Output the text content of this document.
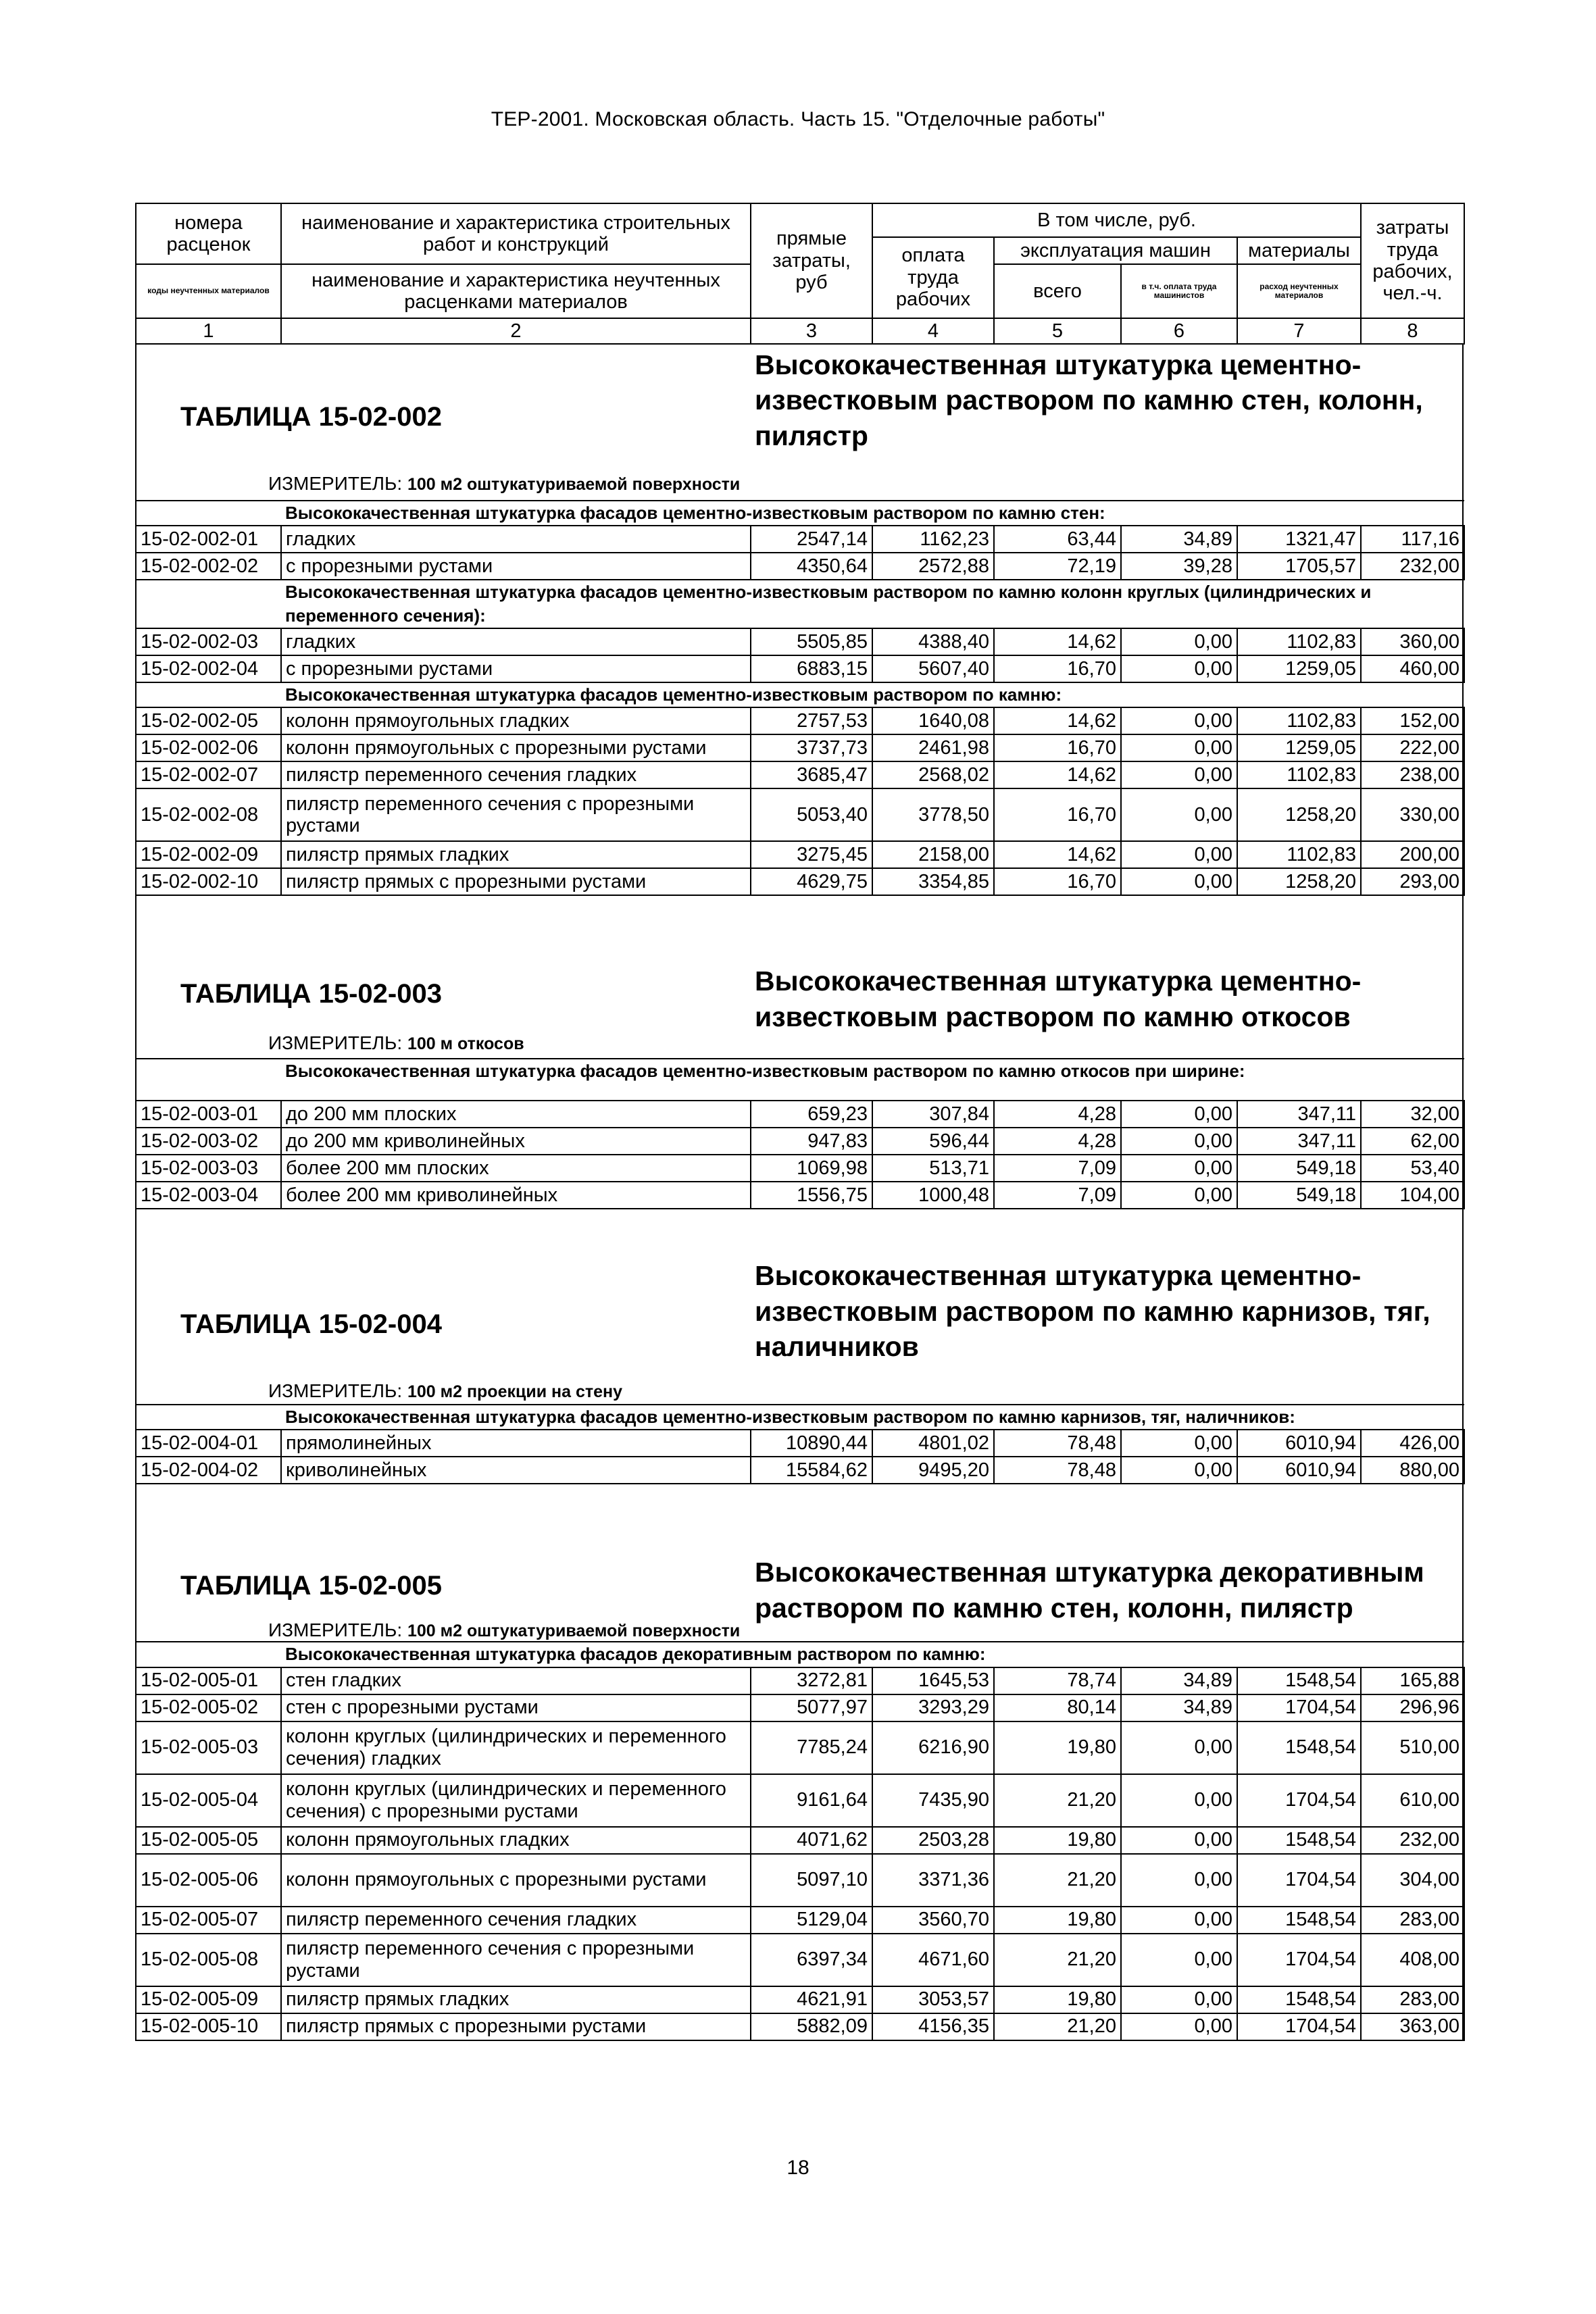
ТЕР-2001. Московская область. Часть 15. "Отделочные работы"
номера расценок	наименование и характеристика строительных работ и конструкций	прямые затраты, руб	В том числе, руб.				затраты труда рабочих, чел.-ч.
			оплата труда рабочих	эксплуатация машин		материалы	
коды неучтенных материалов	наименование и характеристика неучтенных расценками материалов			всего	в т.ч. оплата труда машинистов	расход неучтенных материалов	

1	2	3	4	5	6	7	8
ТАБЛИЦА 15-02-002
Высококачественная штукатурка цементно-известковым раствором по камню стен, колонн, пилястр
ИЗМЕРИТЕЛЬ: 100 м2 оштукатуриваемой поверхности
	Высококачественная штукатурка фасадов цементно-известковым раствором по камню стен:						
15-02-002-01	гладких	2547,14	1162,23	63,44	34,89	1321,47	117,16
15-02-002-02	с прорезными рустами	4350,64	2572,88	72,19	39,28	1705,57	232,00
	Высококачественная штукатурка фасадов цементно-известковым раствором по камню колонн круглых (цилиндрических и переменного сечения):						
15-02-002-03	гладких	5505,85	4388,40	14,62	0,00	1102,83	360,00
15-02-002-04	с прорезными рустами	6883,15	5607,40	16,70	0,00	1259,05	460,00
	Высококачественная штукатурка фасадов цементно-известковым раствором по камню:						
15-02-002-05	колонн прямоугольных гладких	2757,53	1640,08	14,62	0,00	1102,83	152,00
15-02-002-06	колонн прямоугольных с прорезными рустами	3737,73	2461,98	16,70	0,00	1259,05	222,00
15-02-002-07	пилястр переменного сечения гладких	3685,47	2568,02	14,62	0,00	1102,83	238,00
15-02-002-08	пилястр переменного сечения с прорезными рустами	5053,40	3778,50	16,70	0,00	1258,20	330,00
15-02-002-09	пилястр прямых гладких	3275,45	2158,00	14,62	0,00	1102,83	200,00
15-02-002-10	пилястр прямых с прорезными рустами	4629,75	3354,85	16,70	0,00	1258,20	293,00
ТАБЛИЦА 15-02-003	Высококачественная штукатурка цементно-известковым раствором по камню откосов
ИЗМЕРИТЕЛЬ: 100 м откосов
	Высококачественная штукатурка фасадов цементно-известковым раствором по камню откосов при ширине:						
15-02-003-01	до 200 мм плоских	659,23	307,84	4,28	0,00	347,11	32,00
15-02-003-02	до 200 мм криволинейных	947,83	596,44	4,28	0,00	347,11	62,00
15-02-003-03	более 200 мм плоских	1069,98	513,71	7,09	0,00	549,18	53,40
15-02-003-04	более 200 мм криволинейных	1556,75	1000,48	7,09	0,00	549,18	104,00
ТАБЛИЦА 15-02-004
Высококачественная штукатурка цементно-известковым раствором по камню карнизов, тяг, наличников
ИЗМЕРИТЕЛЬ: 100 м2 проекции на стену
	Высококачественная штукатурка фасадов цементно-известковым раствором по камню карнизов, тяг, наличников:						
15-02-004-01	прямолинейных	10890,44	4801,02	78,48	0,00	6010,94	426,00
15-02-004-02	криволинейных	15584,62	9495,20	78,48	0,00	6010,94	880,00
ТАБЛИЦА 15-02-005	Высококачественная штукатурка декоративным раствором по камню стен, колонн, пилястр
ИЗМЕРИТЕЛЬ: 100 м2 оштукатуриваемой поверхности
	Высококачественная штукатурка фасадов декоративным раствором по камню:						
15-02-005-01	стен гладких	3272,81	1645,53	78,74	34,89	1548,54	165,88
15-02-005-02	стен с прорезными рустами	5077,97	3293,29	80,14	34,89	1704,54	296,96
15-02-005-03	колонн круглых (цилиндрических и переменного сечения) гладких	7785,24	6216,90	19,80	0,00	1548,54	510,00
15-02-005-04	колонн круглых (цилиндрических и переменного сечения) с прорезными рустами	9161,64	7435,90	21,20	0,00	1704,54	610,00
15-02-005-05	колонн прямоугольных гладких	4071,62	2503,28	19,80	0,00	1548,54	232,00
15-02-005-06	колонн прямоугольных с прорезными рустами	5097,10	3371,36	21,20	0,00	1704,54	304,00
15-02-005-07	пилястр переменного сечения гладких	5129,04	3560,70	19,80	0,00	1548,54	283,00
15-02-005-08	пилястр переменного сечения с прорезными рустами	6397,34	4671,60	21,20	0,00	1704,54	408,00
15-02-005-09	пилястр прямых гладких	4621,91	3053,57	19,80	0,00	1548,54	283,00
15-02-005-10	пилястр прямых с прорезными рустами	5882,09	4156,35	21,20	0,00	1704,54	363,00
18
